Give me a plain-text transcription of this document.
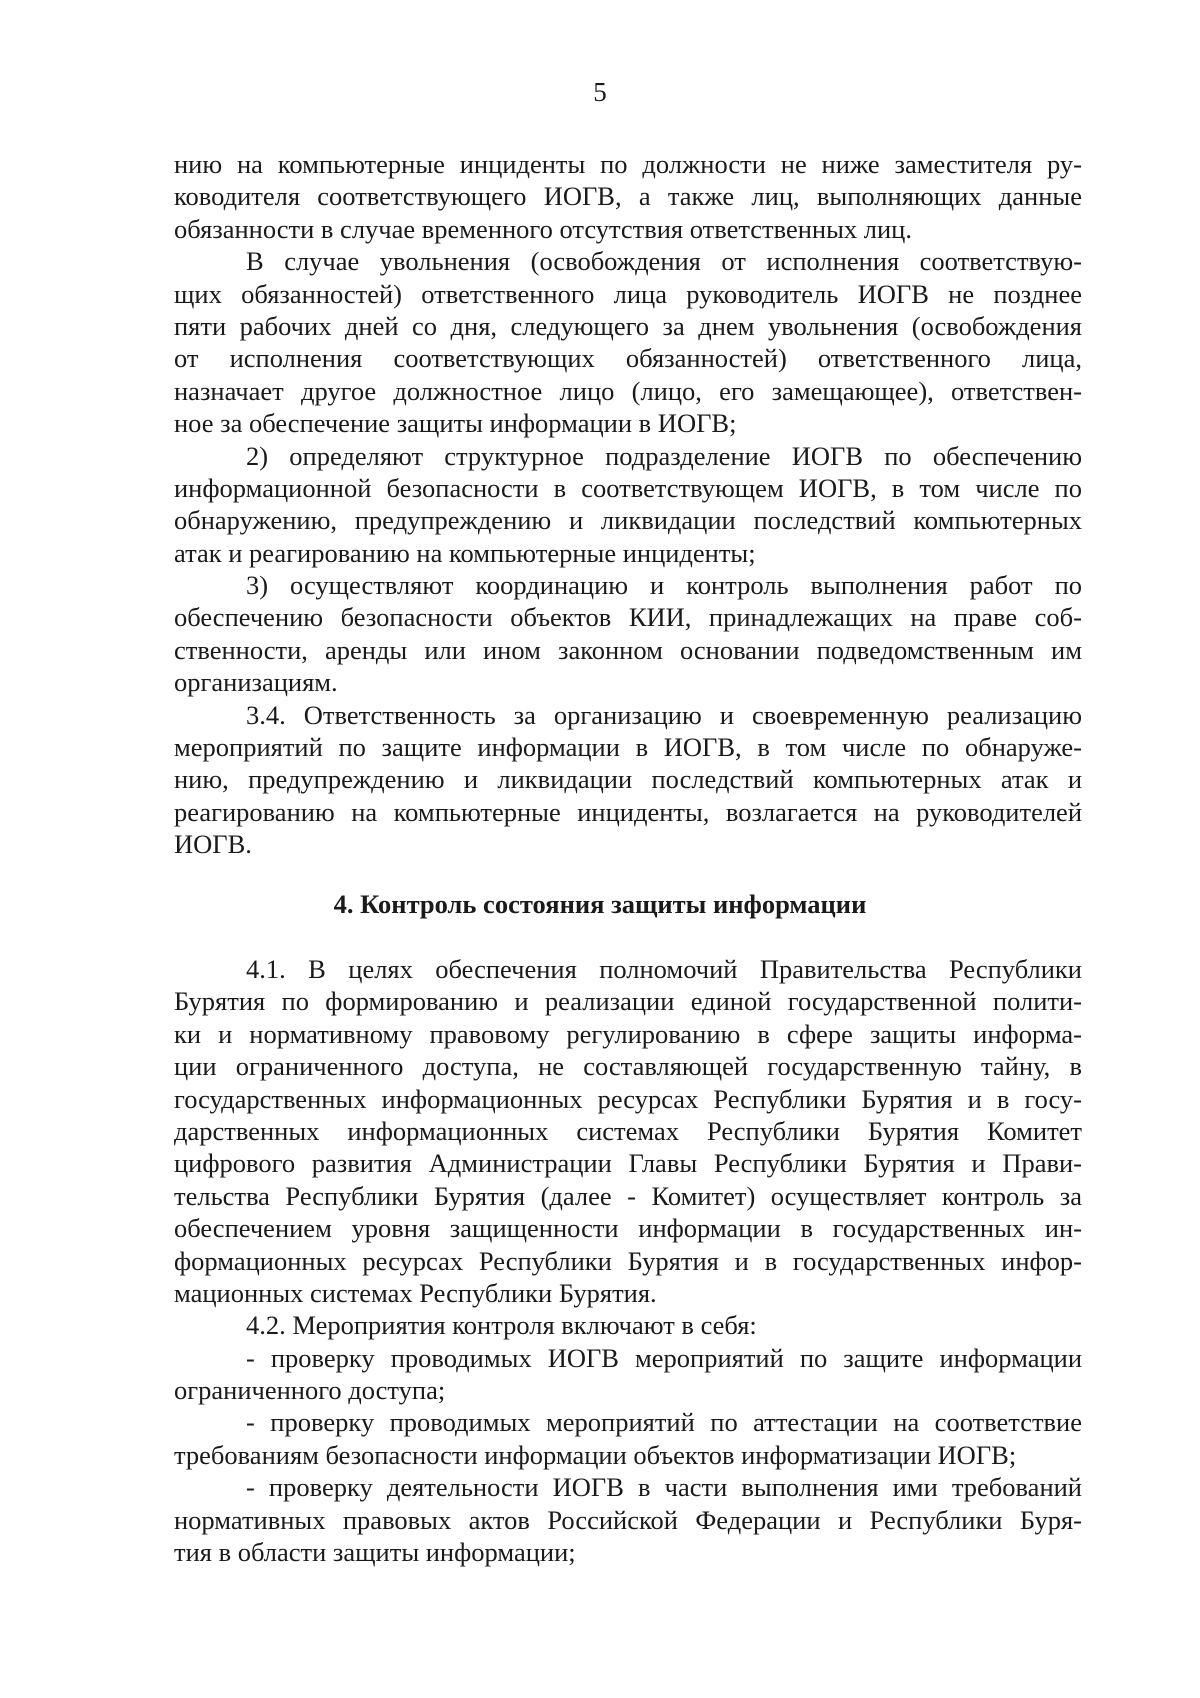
5
нию на компьютерные инциденты по должности не ниже заместителя ру-
ководителя соответствующего ИОГВ, а также лиц, выполняющих данные
обязанности в случае временного отсутствия ответственных лиц.
В случае увольнения (освобождения от исполнения соответствую-
щих обязанностей) ответственного лица руководитель ИОГВ не позднее
пяти рабочих дней со дня, следующего за днем увольнения (освобождения
от исполнения соответствующих обязанностей) ответственного лица,
назначает другое должностное лицо (лицо, его замещающее), ответствен-
ное за обеспечение защиты информации в ИОГВ;
2) определяют структурное подразделение ИОГВ по обеспечению
информационной безопасности в соответствующем ИОГВ, в том числе по
обнаружению, предупреждению и ликвидации последствий компьютерных
атак и реагированию на компьютерные инциденты;
3) осуществляют координацию и контроль выполнения работ по
обеспечению безопасности объектов КИИ, принадлежащих на праве соб-
ственности, аренды или ином законном основании подведомственным им
организациям.
3.4. Ответственность за организацию и своевременную реализацию
мероприятий по защите информации в ИОГВ, в том числе по обнаруже-
нию, предупреждению и ликвидации последствий компьютерных атак и
реагированию на компьютерные инциденты, возлагается на руководителей
ИОГВ.
4. Контроль состояния защиты информации
4.1. В целях обеспечения полномочий Правительства Республики
Бурятия по формированию и реализации единой государственной полити-
ки и нормативному правовому регулированию в сфере защиты информа-
ции ограниченного доступа, не составляющей государственную тайну, в
государственных информационных ресурсах Республики Бурятия и в госу-
дарственных информационных системах Республики Бурятия Комитет
цифрового развития Администрации Главы Республики Бурятия и Прави-
тельства Республики Бурятия (далее - Комитет) осуществляет контроль за
обеспечением уровня защищенности информации в государственных ин-
формационных ресурсах Республики Бурятия и в государственных инфор-
мационных системах Республики Бурятия.
4.2. Мероприятия контроля включают в себя:
- проверку проводимых ИОГВ мероприятий по защите информации
ограниченного доступа;
- проверку проводимых мероприятий по аттестации на соответствие
требованиям безопасности информации объектов информатизации ИОГВ;
- проверку деятельности ИОГВ в части выполнения ими требований
нормативных правовых актов Российской Федерации и Республики Буря-
тия в области защиты информации;
